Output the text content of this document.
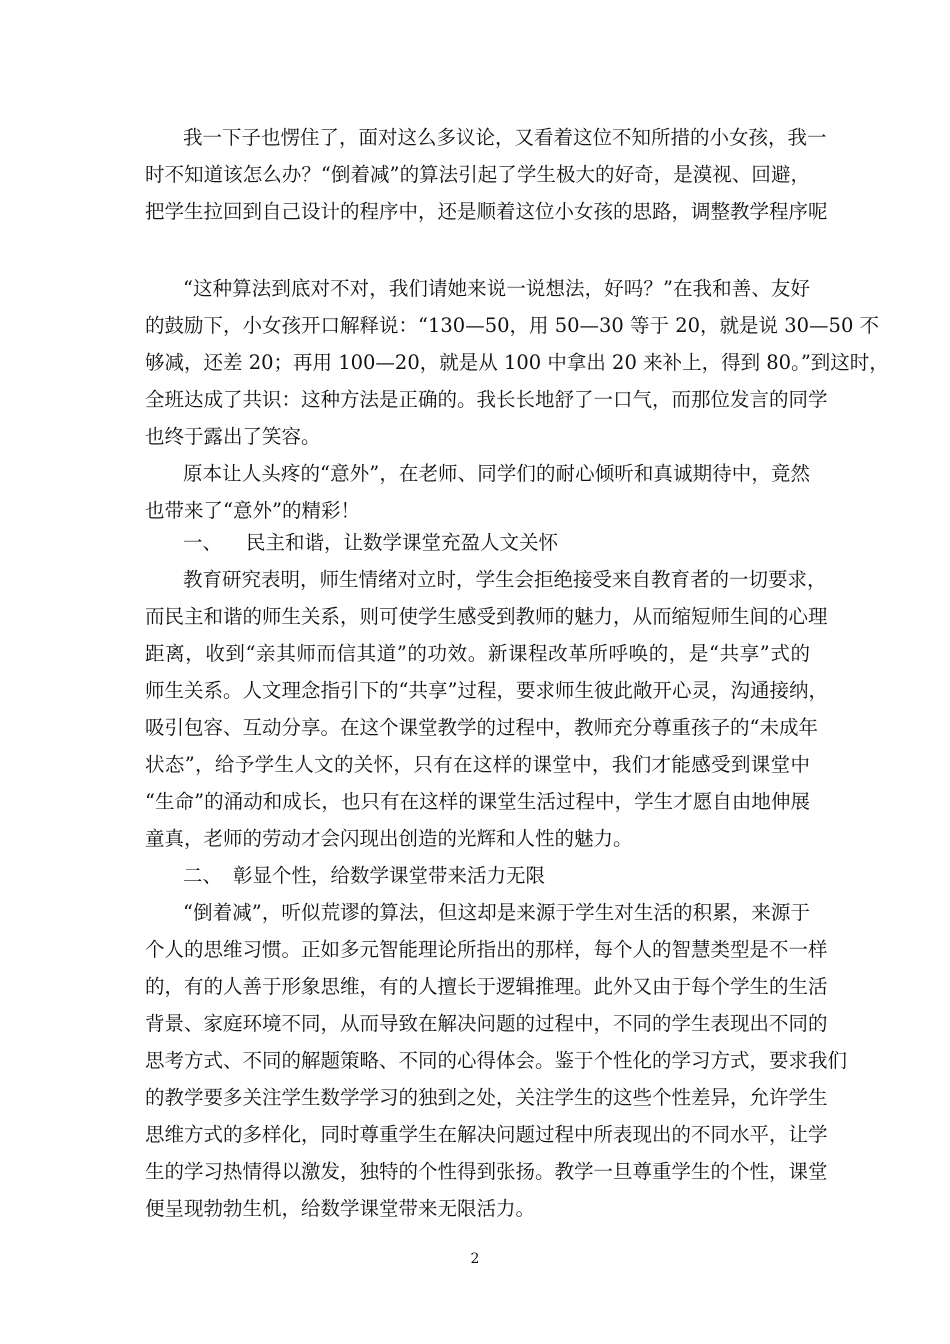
我一下子也愣住了，面对这么多议论，又看着这位不知所措的小女孩，我一
时不知道该怎么办？“倒着减”的算法引起了学生极大的好奇，是漠视、回避，
把学生拉回到自己设计的程序中，还是顺着这位小女孩的思路，调整教学程序呢
“这种算法到底对不对，我们请她来说一说想法，好吗？”在我和善、友好
的鼓励下，小女孩开口解释说：“130—50，用 50—30 等于 20，就是说 30—50 不
够减，还差 20；再用 100—20，就是从 100 中拿出 20 来补上，得到 80。”到这时，
全班达成了共识：这种方法是正确的。我长长地舒了一口气，而那位发言的同学
也终于露出了笑容。
原本让人头疼的“意外”，在老师、同学们的耐心倾听和真诚期待中，竟然
也带来了“意外”的精彩！
一、 民主和谐，让数学课堂充盈人文关怀
教育研究表明，师生情绪对立时，学生会拒绝接受来自教育者的一切要求，
而民主和谐的师生关系，则可使学生感受到教师的魅力，从而缩短师生间的心理
距离，收到“亲其师而信其道”的功效。新课程改革所呼唤的，是“共享”式的
师生关系。人文理念指引下的“共享”过程，要求师生彼此敞开心灵，沟通接纳，
吸引包容、互动分享。在这个课堂教学的过程中，教师充分尊重孩子的“未成年
状态”，给予学生人文的关怀，只有在这样的课堂中，我们才能感受到课堂中
“生命”的涌动和成长，也只有在这样的课堂生活过程中，学生才愿自由地伸展
童真，老师的劳动才会闪现出创造的光辉和人性的魅力。
二、 彰显个性，给数学课堂带来活力无限
“倒着减”，听似荒谬的算法，但这却是来源于学生对生活的积累，来源于
个人的思维习惯。正如多元智能理论所指出的那样，每个人的智慧类型是不一样
的，有的人善于形象思维，有的人擅长于逻辑推理。此外又由于每个学生的生活
背景、家庭环境不同，从而导致在解决问题的过程中，不同的学生表现出不同的
思考方式、不同的解题策略、不同的心得体会。鉴于个性化的学习方式，要求我们
的教学要多关注学生数学学习的独到之处，关注学生的这些个性差异，允许学生
思维方式的多样化，同时尊重学生在解决问题过程中所表现出的不同水平，让学
生的学习热情得以激发，独特的个性得到张扬。教学一旦尊重学生的个性，课堂
便呈现勃勃生机，给数学课堂带来无限活力。
2
